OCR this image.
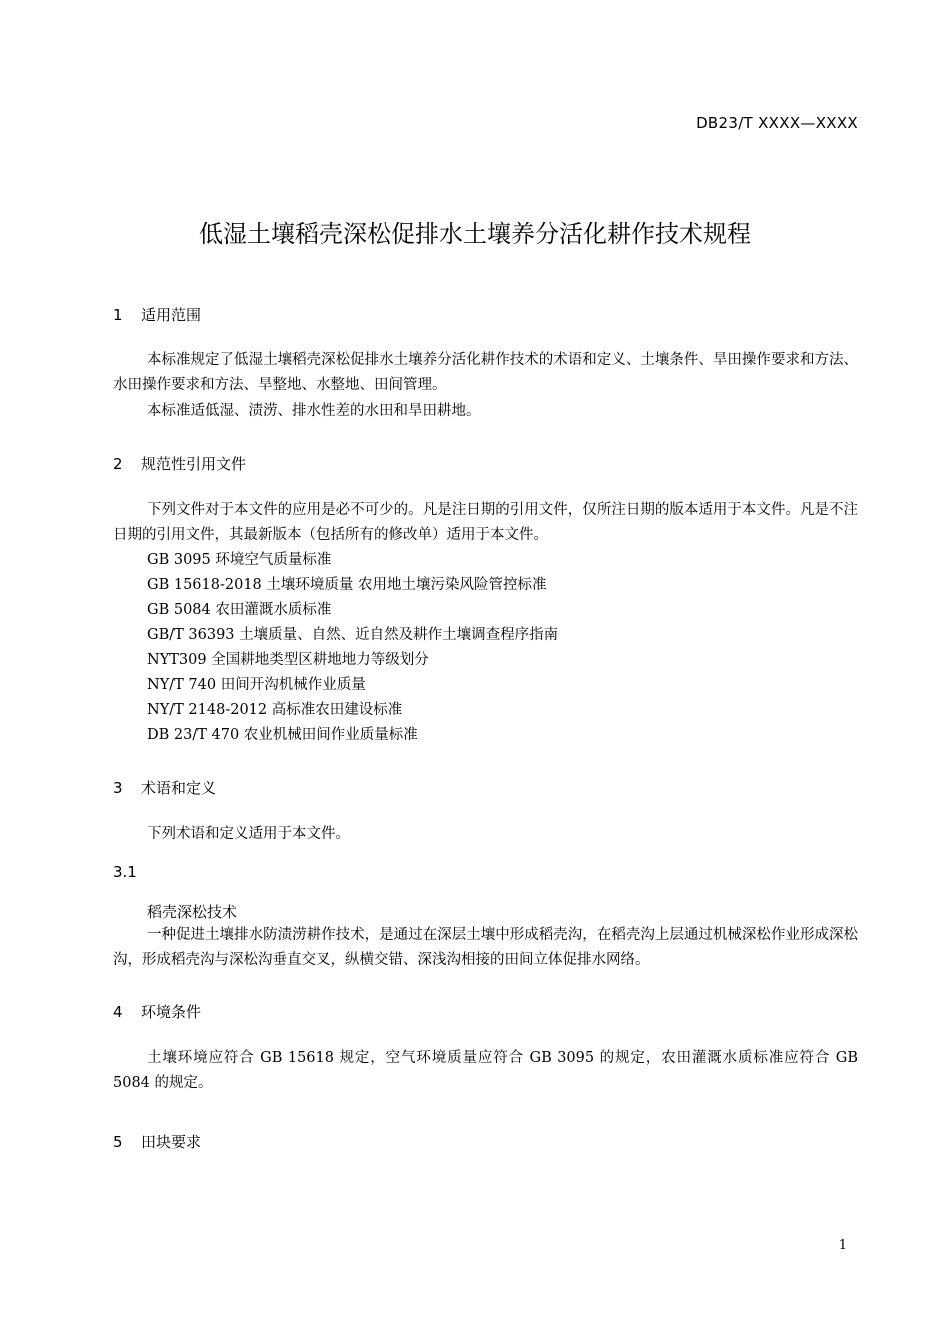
DB23/T XXXX—XXXX
低湿土壤稻壳深松促排水土壤养分活化耕作技术规程
1 适用范围

本标准规定了低湿土壤稻壳深松促排水土壤养分活化耕作技术的术语和定义、土壤条件、旱田操作要求和方法、水田操作要求和方法、旱整地、水整地、田间管理。

本标准适低湿、渍涝、排水性差的水田和旱田耕地。

2 规范性引用文件

下列文件对于本文件的应用是必不可少的。凡是注日期的引用文件，仅所注日期的版本适用于本文件。凡是不注日期的引用文件，其最新版本（包括所有的修改单）适用于本文件。

GB 3095 环境空气质量标准
GB 15618-2018 土壤环境质量 农用地土壤污染风险管控标准
GB 5084 农田灌溉水质标准
GB/T 36393 土壤质量、自然、近自然及耕作土壤调查程序指南
NYT309 全国耕地类型区耕地地力等级划分
NY/T 740 田间开沟机械作业质量
NY/T 2148-2012 高标准农田建设标准
DB 23/T 470 农业机械田间作业质量标准
3 术语和定义

下列术语和定义适用于本文件。

3.1
稻壳深松技术

一种促进土壤排水防渍涝耕作技术，是通过在深层土壤中形成稻壳沟，在稻壳沟上层通过机械深松作业形成深松沟，形成稻壳沟与深松沟垂直交叉，纵横交错、深浅沟相接的田间立体促排水网络。

4 环境条件

土壤环境应符合 GB 15618 规定，空气环境质量应符合 GB 3095 的规定，农田灌溉水质标准应符合 GB 5084 的规定。

5 田块要求
1
